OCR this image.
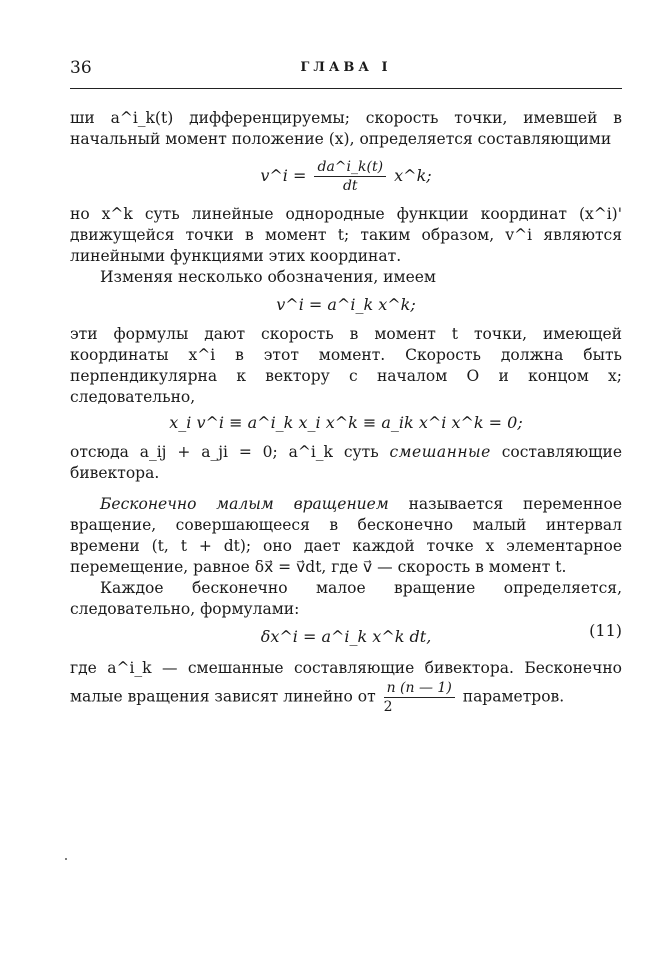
36	ГЛАВА I

ши a^i_k(t) дифференцируемы; скорость точки, имевшей в начальный момент положение (x), определяется составляющими

v^i = $\frac{da\^{}i\_k(t)}{dt}$ x^k;

но x^k суть линейные однородные функции координат (x^i)' движущейся точки в момент t; таким образом, v^i являются линейными функциями этих координат.

Изменяя несколько обозначения, имеем

v^i = a^i_k x^k;

эти формулы дают скорость в момент t точки, имеющей координаты x^i в этот момент. Скорость должна быть перпендикулярна к вектору с началом O и концом x; следовательно,

x_i v^i ≡ a^i_k x_i x^k ≡ a_ik x^i x^k = 0;

отсюда a_ij + a_ji = 0; a^i_k суть смешанные составляющие бивектора.

Бесконечно малым вращением называется переменное вращение, совершающееся в бесконечно малый интервал времени (t, t + dt); оно дает каждой точке x элементарное перемещение, равное δx⃗ = v⃗dt, где v⃗ — скорость в момент t.

Каждое бесконечно малое вращение определяется, следовательно, формулами:

δx^i = a^i_k x^k dt,	(11)

где a^i_k — смешанные составляющие бивектора. Бесконечно малые вращения зависят линейно от $\frac{n (n — 1)}{2}$ параметров.
